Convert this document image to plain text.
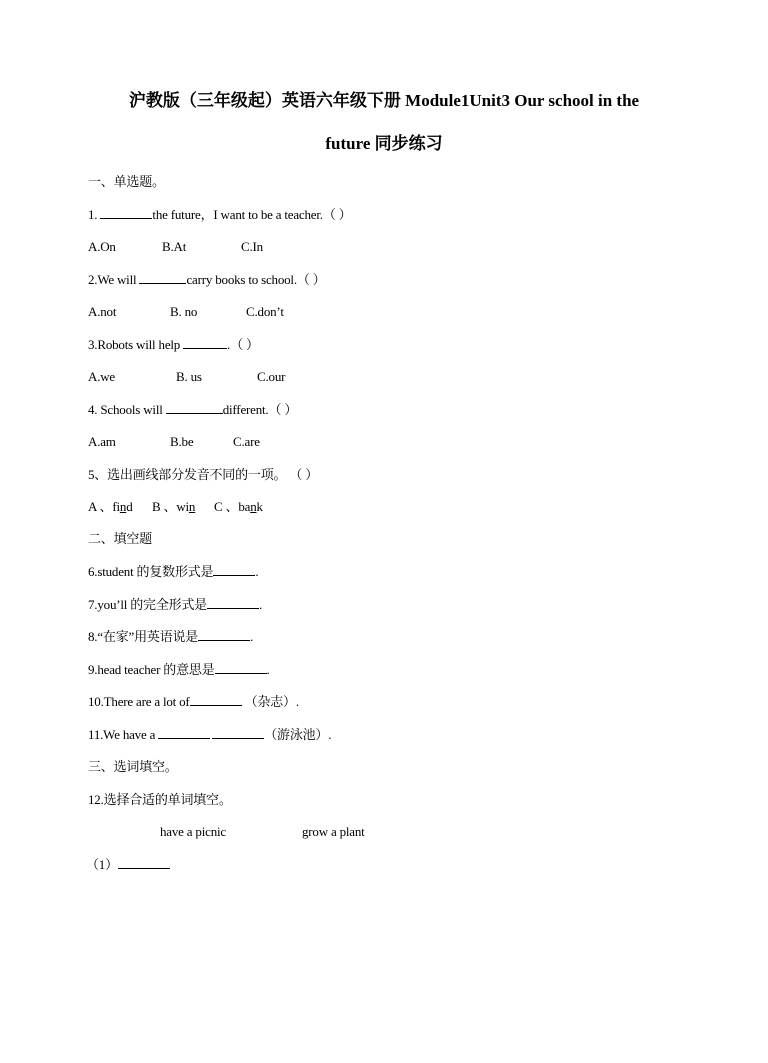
沪教版（三年级起）英语六年级下册 Module1Unit3 Our school in the
future 同步练习
一、单选题。
1.	the future，I want to be a teacher.（ ）
A.On	B.At	C.In
2.We will	carry books to school.（ ）
A.not	B. no	C.don’t
3.Robots will help	.（ ）
A.we	B. us	C.our
4. Schools will	different.（ ）
A.am	B.be	C.are
5、选出画线部分发音不同的一项。 （ ）
A 、find B 、win C 、bank
二、填空题
6.student 的复数形式是	.
7.you’ll 的完全形式是	.
8.“在家”用英语说是	.
9.head teacher 的意思是	.
10.There are a lot of	（杂志）.
11.We have a	（游泳池）.
三、选词填空。
12.选择合适的单词填空。
have a picnic	grow a plant
（1）
